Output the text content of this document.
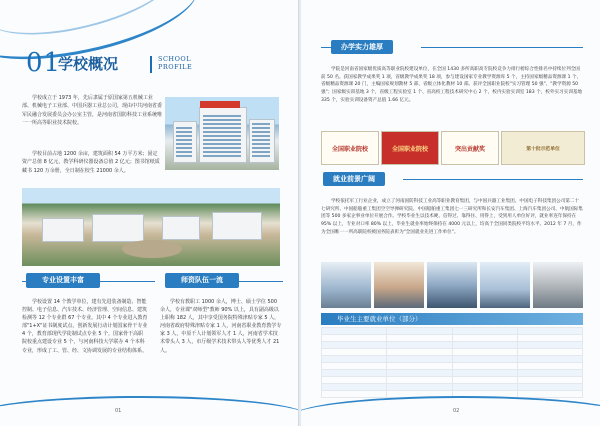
01
学校概况	SCHOOL
PROFILE
学校成立于 1973 年，先后隶属于原国家第五机械工业部、机械电子工业部、中国兵器工业总公司，现由中共河南省委军民融合发展委员会办公室主管，是河南省国防科技工业系统唯一一所高等职业技术院校。
学校目前占地 1200 余亩，建筑面积 54 万平方米；固定资产总值 8 亿元，教学科研仪器设备总值 2 亿元；图书馆纸质藏书 120 万余册，全日制在校生 21000 余人。
专业设置丰富	师资队伍一流
学校设置 14 个教学单位，建有先进装备制造、智能控制、电子信息、汽车技术、经济管理、空间信息、建筑检测等 12 个专业群 67 个专业。其中 4 个专业进入教育部"1+X"证书制度试点，创新发展行动计划国家骨干专业 4 个，教育部现代学徒制试点专业 5 个，国家骨干高职院校重点建设专业 5 个，与河南科技大学联办 4 个本科专业，形成了工、管、经、文协调发展的专业结构体系。
学校有教职工 1000 余人，博士、硕士学位 500 余人，专业课"双师型"教师 90% 以上，具有副高级以上职称 182 人，其中享受国务院特殊津贴专家 5 人，河南省政府特殊津贴专家 1 人，河南省职业教育教学专家 3 人，中原千人计划领军人才 1 人，河南省学术技术带头人 3 人，市厅级学术技术带头人等优秀人才 21 人。
01
办学实力雄厚
学院是河南省国家级优质高等职业院校建设单位，在全国 1430 多所高职高专院校竞争力排行榜综合性排名中持续位列全国前 50 名。获国家教学成果奖 1 项，省级教学成果奖 18 项，参与建设国家专业教学资源库 5 个，主持国家级精品资源课 1 个，省级精品资源课 20 门，主编国家规划教材 5 部、省级立体化教材 10 部。获评全国职业院校"实习管理 50 强"、"教学资源 50 强"；国家级实训基地 3 个，省级工程实验室 1 个、省高校工程技术研究中心 2 个，校内实验实训室 183 个，校外实习实训基地 335 个，实验实训设备资产总值 1.66 亿元。
全国职业院校	全国职业院校	突出贡献奖	第十批示范单位
就业前景广阔
学校依托军工行业企业，成立了河南国防科技工业高等职业教育集团，与中国兵器工业集团、中国电子科技集团公司第二十七研究所、中国船舶重工集团空空导弹研究院、中国船舶重工集团七一三研究所和长安汽车集团、上海汽车集团公司、中航国际集团等 500 多家企事业单位开展合作。学校毕业生以技术硬、信得过、靠得住、用得上，受到用人单位好评，就业率连年保持在 95% 以上，专业对口率 80% 以上，毕业生就业率始终保持在 4000 元以上，均高于全国同类院校平均水平。2012 年 7 月，作为全国唯一一所高职院校被国务院表彰为"全国就业先进工作单位"。
毕业生主要就业单位（部分）

02
